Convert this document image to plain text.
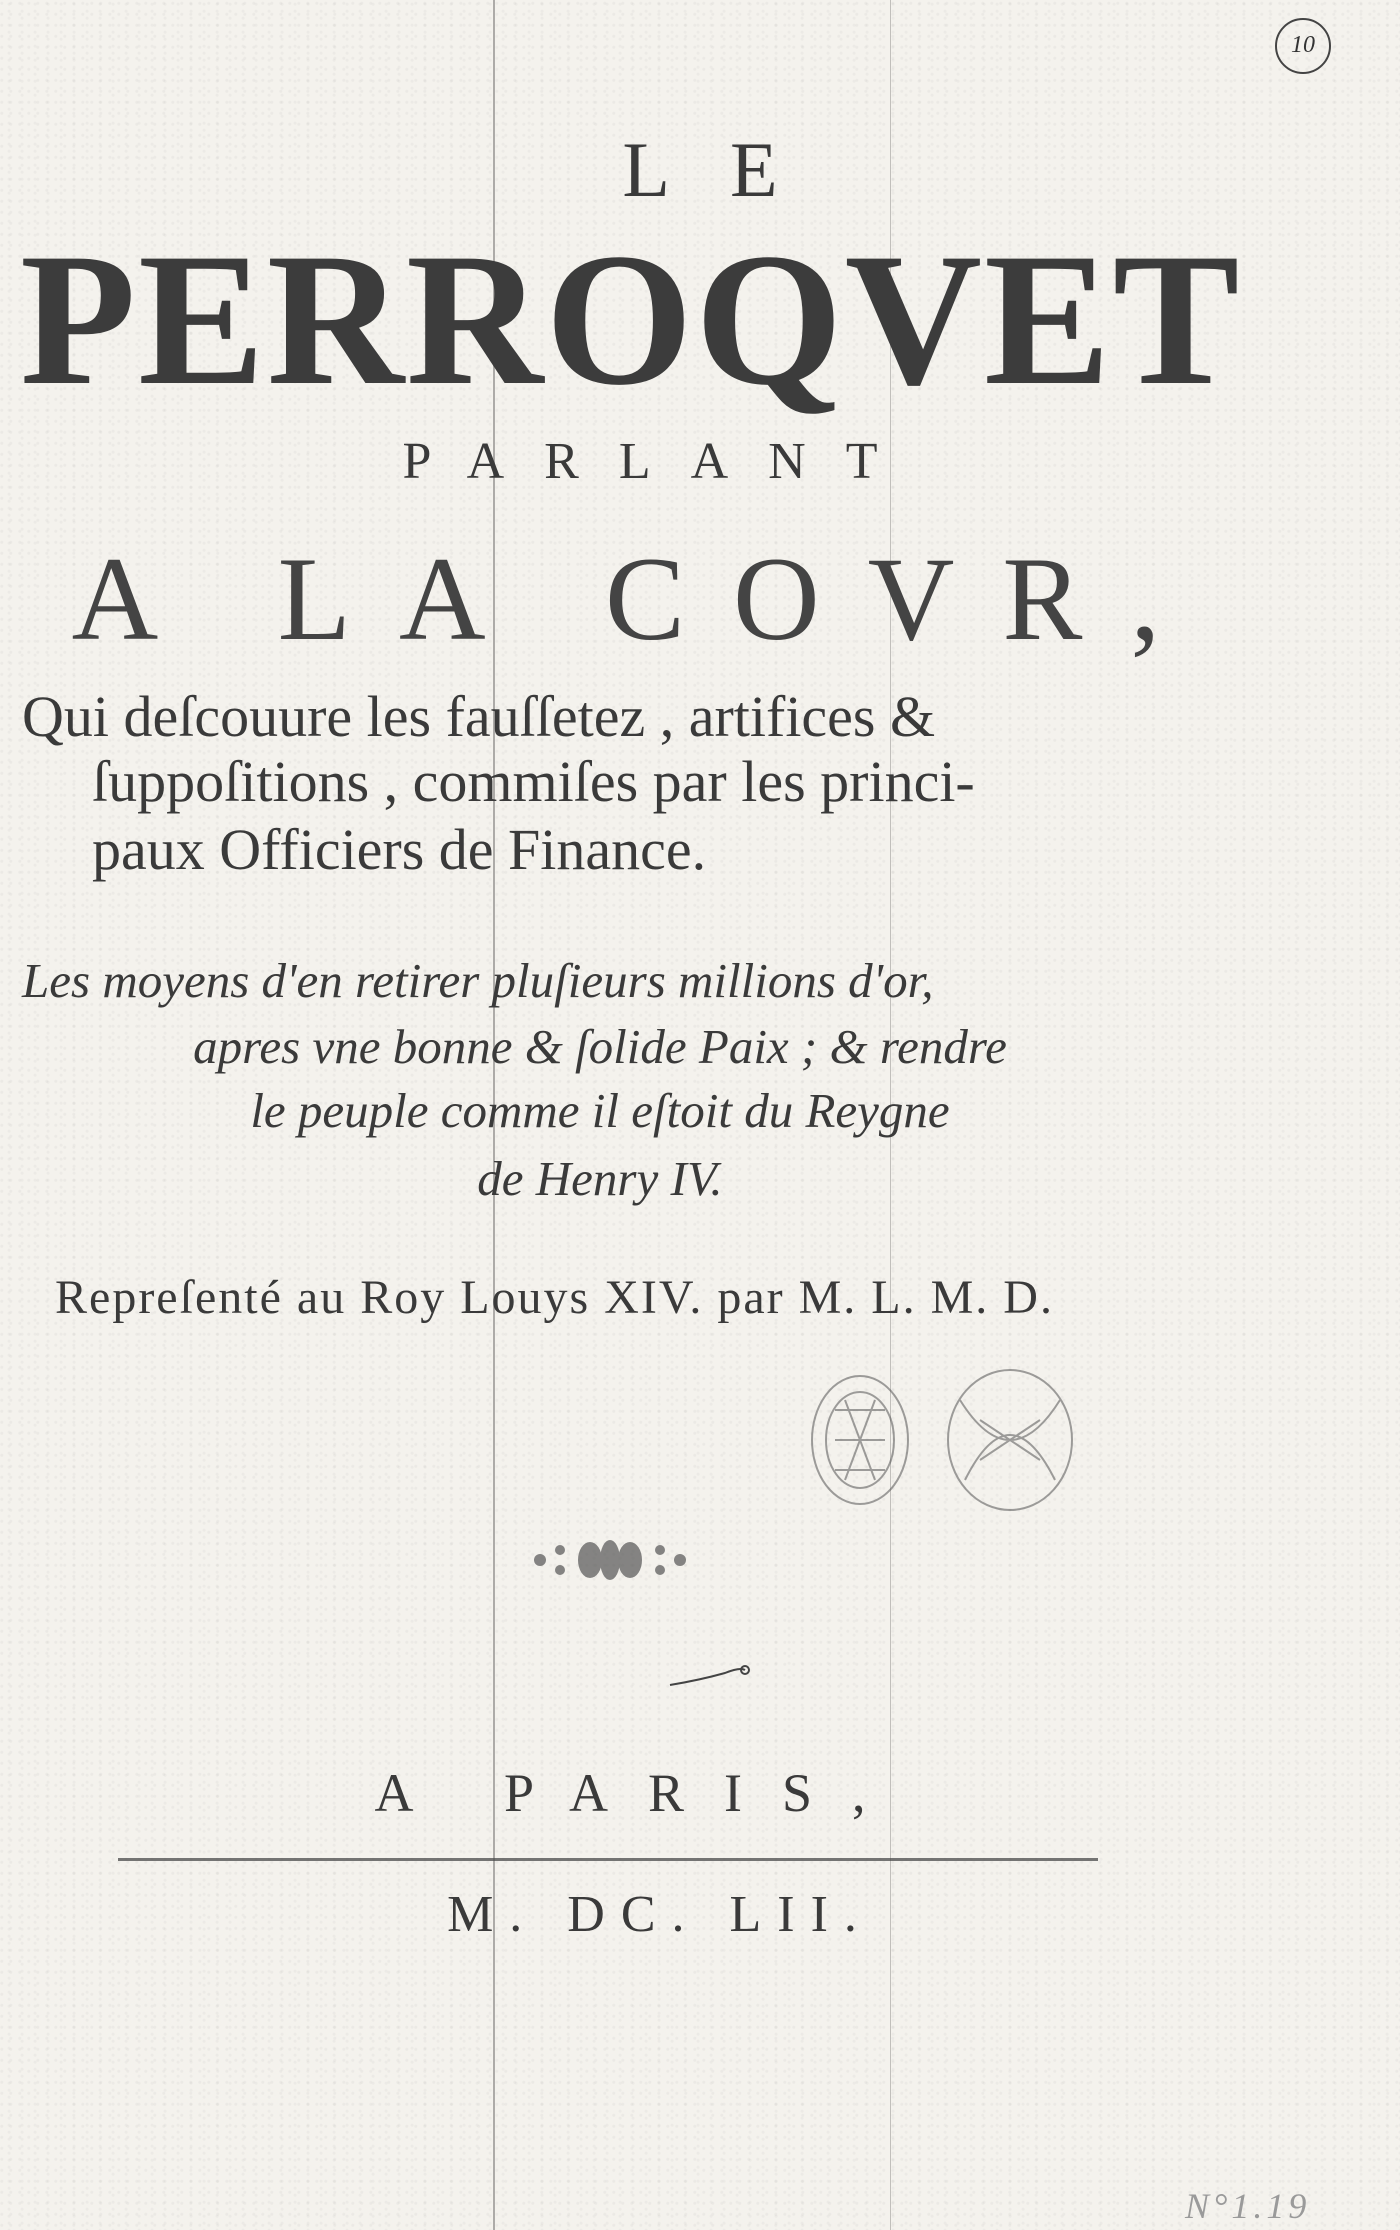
10
LE
PERROQVET
PARLANT
A LA COVR,
Qui deſcouure les fauſſetez , artifices &
ſuppoſitions , commiſes par les princi-
paux Officiers de Finance.
Les moyens d'en retirer pluſieurs millions d'or,
apres vne bonne & ſolide Paix ; & rendre
le peuple comme il eſtoit du Reygne
de Henry IV.
Repreſenté au Roy Louys XIV. par M. L. M. D.
A PARIS,
M. DC. LII.
N°1.19
